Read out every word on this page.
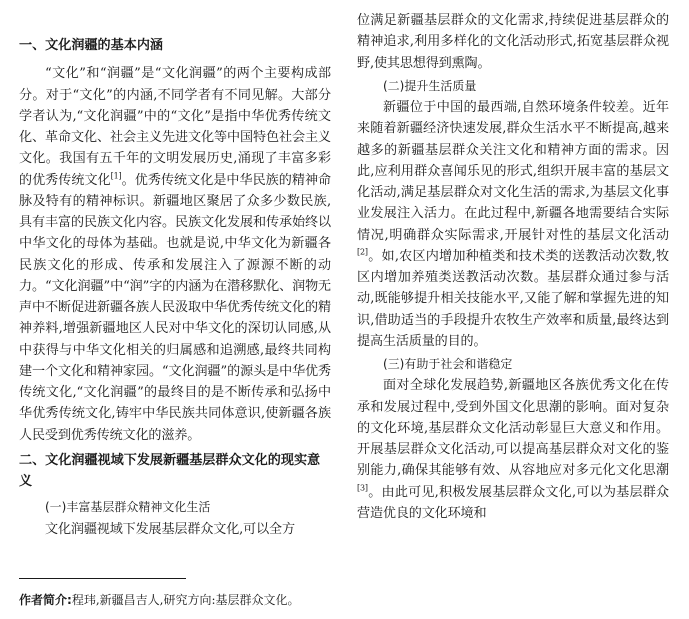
一、文化润疆的基本内涵

“文化”和“润疆”是“文化润疆”的两个主要构成部分。对于“文化”的内涵,不同学者有不同见解。大部分学者认为,“文化润疆”中的“文化”是指中华优秀传统文化、革命文化、社会主义先进文化等中国特色社会主义文化。我国有五千年的文明发展历史,涌现了丰富多彩的优秀传统文化[1]。优秀传统文化是中华民族的精神命脉及特有的精神标识。新疆地区聚居了众多少数民族,具有丰富的民族文化内容。民族文化发展和传承始终以中华文化的母体为基础。也就是说,中华文化为新疆各民族文化的形成、传承和发展注入了源源不断的动力。“文化润疆”中“润”字的内涵为在潜移默化、润物无声中不断促进新疆各族人民汲取中华优秀传统文化的精神养料,增强新疆地区人民对中华文化的深切认同感,从中获得与中华文化相关的归属感和追溯感,最终共同构建一个文化和精神家园。“文化润疆”的源头是中华优秀传统文化,“文化润疆”的最终目的是不断传承和弘扬中华优秀传统文化,铸牢中华民族共同体意识,使新疆各族人民受到优秀传统文化的滋养。

二、文化润疆视域下发展新疆基层群众文化的现实意义

(一)丰富基层群众精神文化生活

文化润疆视域下发展基层群众文化,可以全方

位满足新疆基层群众的文化需求,持续促进基层群众的精神追求,利用多样化的文化活动形式,拓宽基层群众视野,使其思想得到熏陶。

(二)提升生活质量

新疆位于中国的最西端,自然环境条件较差。近年来随着新疆经济快速发展,群众生活水平不断提高,越来越多的新疆基层群众关注文化和精神方面的需求。因此,应利用群众喜闻乐见的形式,组织开展丰富的基层文化活动,满足基层群众对文化生活的需求,为基层文化事业发展注入活力。在此过程中,新疆各地需要结合实际情况,明确群众实际需求,开展针对性的基层文化活动[2]。如,农区内增加种植类和技术类的送教活动次数,牧区内增加养殖类送教活动次数。基层群众通过参与活动,既能够提升相关技能水平,又能了解和掌握先进的知识,借助适当的手段提升农牧生产效率和质量,最终达到提高生活质量的目的。

(三)有助于社会和谐稳定

面对全球化发展趋势,新疆地区各族优秀文化在传承和发展过程中,受到外国文化思潮的影响。面对复杂的文化环境,基层群众文化活动彰显巨大意义和作用。开展基层群众文化活动,可以提高基层群众对文化的鉴别能力,确保其能够有效、从容地应对多元化文化思潮[3]。由此可见,积极发展基层群众文化,可以为基层群众营造优良的文化环境和

作者简介:程玮,新疆昌吉人,研究方向:基层群众文化。
